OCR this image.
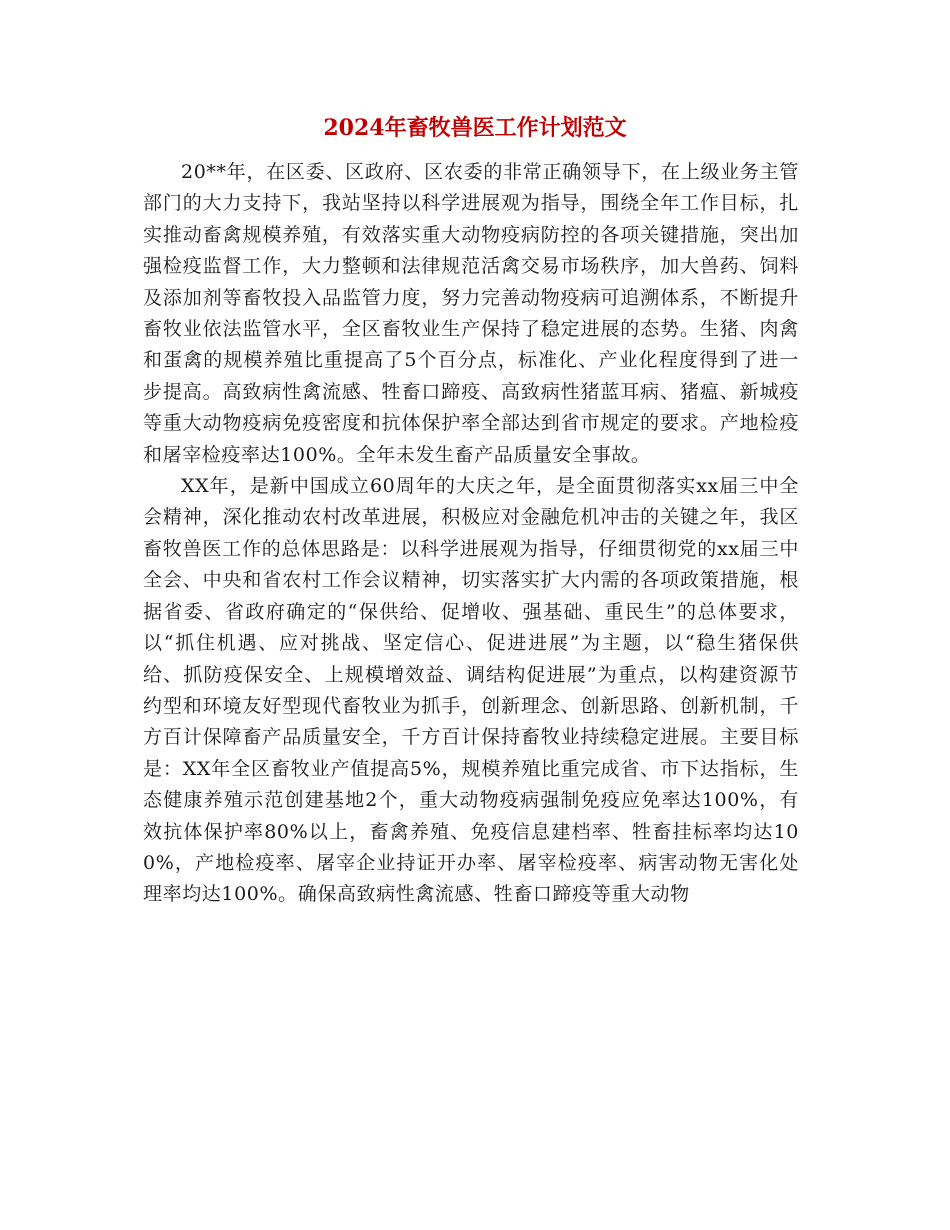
2024年畜牧兽医工作计划范文

20**年，在区委、区政府、区农委的非常正确领导下，在上级业务主管部门的大力支持下，我站坚持以科学进展观为指导，围绕全年工作目标，扎实推动畜禽规模养殖，有效落实重大动物疫病防控的各项关键措施，突出加强检疫监督工作，大力整顿和法律规范活禽交易市场秩序，加大兽药、饲料及添加剂等畜牧投入品监管力度，努力完善动物疫病可追溯体系，不断提升畜牧业依法监管水平，全区畜牧业生产保持了稳定进展的态势。生猪、肉禽和蛋禽的规模养殖比重提高了5个百分点，标准化、产业化程度得到了进一步提高。高致病性禽流感、牲畜口蹄疫、高致病性猪蓝耳病、猪瘟、新城疫等重大动物疫病免疫密度和抗体保护率全部达到省市规定的要求。产地检疫和屠宰检疫率达100%。全年未发生畜产品质量安全事故。

XX年，是新中国成立60周年的大庆之年，是全面贯彻落实xx届三中全会精神，深化推动农村改革进展，积极应对金融危机冲击的关键之年，我区畜牧兽医工作的总体思路是：以科学进展观为指导，仔细贯彻党的xx届三中全会、中央和省农村工作会议精神，切实落实扩大内需的各项政策措施，根据省委、省政府确定的“保供给、促增收、强基础、重民生”的总体要求，以“抓住机遇、应对挑战、坚定信心、促进进展”为主题，以“稳生猪保供给、抓防疫保安全、上规模增效益、调结构促进展”为重点，以构建资源节约型和环境友好型现代畜牧业为抓手，创新理念、创新思路、创新机制，千方百计保障畜产品质量安全，千方百计保持畜牧业持续稳定进展。主要目标是：XX年全区畜牧业产值提高5%，规模养殖比重完成省、市下达指标，生态健康养殖示范创建基地2个，重大动物疫病强制免疫应免率达100%，有效抗体保护率80%以上，畜禽养殖、免疫信息建档率、牲畜挂标率均达100%，产地检疫率、屠宰企业持证开办率、屠宰检疫率、病害动物无害化处理率均达100%。确保高致病性禽流感、牲畜口蹄疫等重大动物
